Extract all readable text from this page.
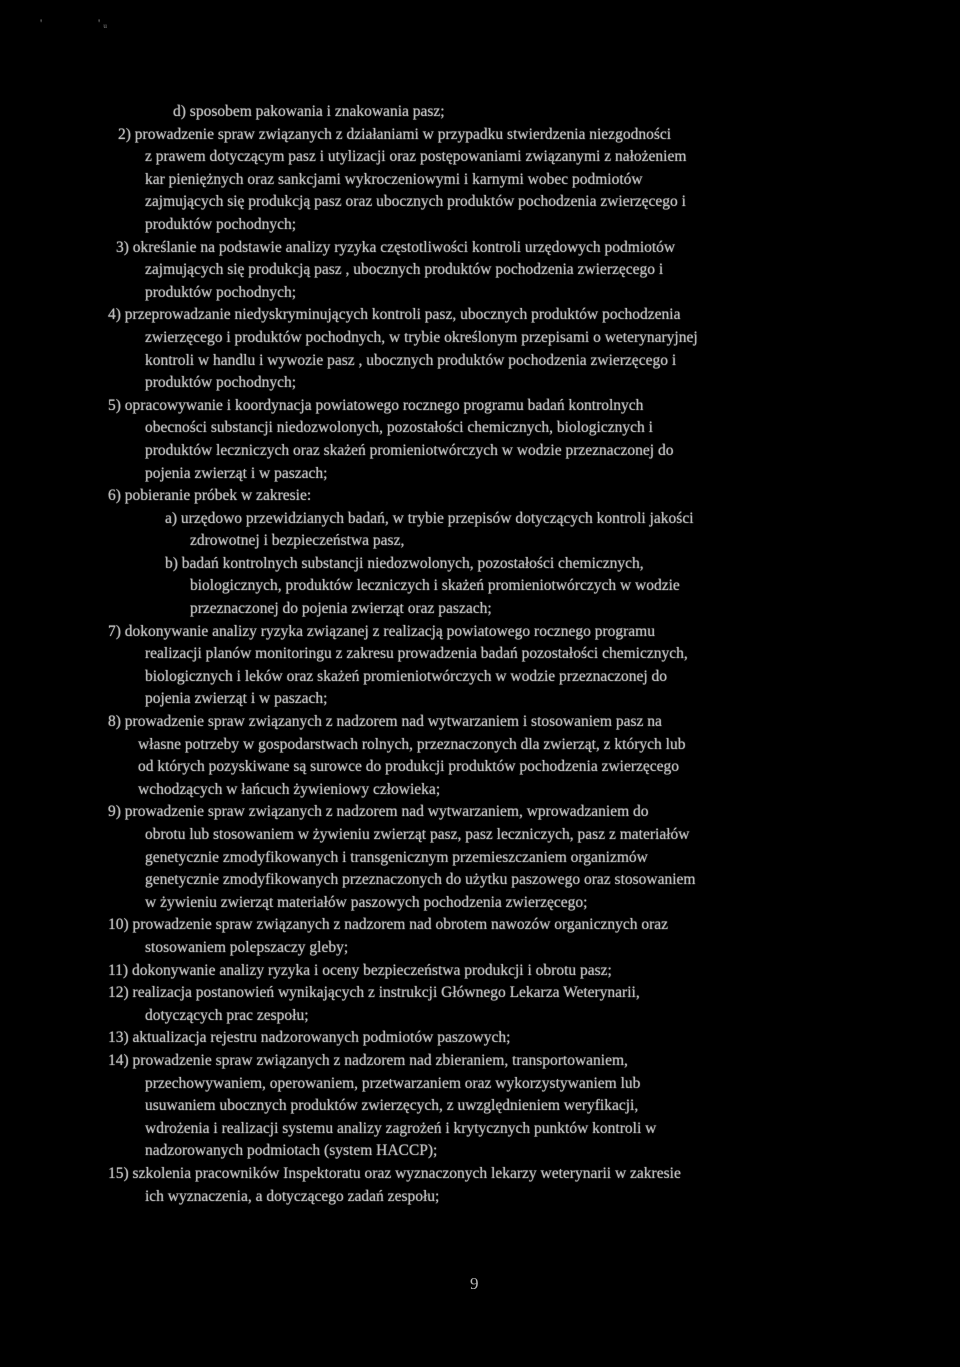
'	' ᵤ
d) sposobem pakowania i znakowania pasz;
2) prowadzenie spraw związanych z działaniami w przypadku stwierdzenia niezgodności
z prawem dotyczącym pasz i utylizacji oraz postępowaniami związanymi z nałożeniem
kar pieniężnych oraz sankcjami wykroczeniowymi i karnymi wobec podmiotów
zajmujących się produkcją pasz oraz ubocznych produktów pochodzenia zwierzęcego i
produktów pochodnych;
3) określanie na podstawie analizy ryzyka częstotliwości kontroli urzędowych podmiotów
zajmujących się produkcją pasz , ubocznych produktów pochodzenia zwierzęcego i
produktów pochodnych;
4) przeprowadzanie niedyskryminujących kontroli pasz, ubocznych produktów pochodzenia
zwierzęcego i produktów pochodnych, w trybie określonym przepisami o weterynaryjnej
kontroli w handlu i wywozie pasz , ubocznych produktów pochodzenia zwierzęcego i
produktów pochodnych;
5) opracowywanie i koordynacja powiatowego rocznego programu badań kontrolnych
obecności substancji niedozwolonych, pozostałości chemicznych, biologicznych i
produktów leczniczych oraz skażeń promieniotwórczych w wodzie przeznaczonej do
pojenia zwierząt i w paszach;
6) pobieranie próbek w zakresie:
a) urzędowo przewidzianych badań, w trybie przepisów dotyczących kontroli jakości
zdrowotnej i bezpieczeństwa pasz,
b) badań kontrolnych substancji niedozwolonych, pozostałości chemicznych,
biologicznych, produktów leczniczych i skażeń promieniotwórczych w wodzie
przeznaczonej do pojenia zwierząt oraz paszach;
7) dokonywanie analizy ryzyka związanej z realizacją powiatowego rocznego programu
realizacji planów monitoringu z zakresu prowadzenia badań pozostałości chemicznych,
biologicznych i leków oraz skażeń promieniotwórczych w wodzie przeznaczonej do
pojenia zwierząt i w paszach;
8) prowadzenie spraw związanych z nadzorem nad wytwarzaniem i stosowaniem pasz na
własne potrzeby w gospodarstwach rolnych, przeznaczonych dla zwierząt, z których lub
od których pozyskiwane są surowce do produkcji produktów pochodzenia zwierzęcego
wchodzących w łańcuch żywieniowy człowieka;
9) prowadzenie spraw związanych z nadzorem nad wytwarzaniem, wprowadzaniem do
obrotu lub stosowaniem w żywieniu zwierząt pasz, pasz leczniczych, pasz z materiałów
genetycznie zmodyfikowanych i transgenicznym przemieszczaniem organizmów
genetycznie zmodyfikowanych przeznaczonych do użytku paszowego oraz stosowaniem
w żywieniu zwierząt materiałów paszowych pochodzenia zwierzęcego;
10) prowadzenie spraw związanych z nadzorem nad obrotem nawozów organicznych oraz
stosowaniem polepszaczy gleby;
11) dokonywanie analizy ryzyka i oceny bezpieczeństwa produkcji i obrotu pasz;
12) realizacja postanowień wynikających z instrukcji Głównego Lekarza Weterynarii,
dotyczących prac zespołu;
13) aktualizacja rejestru nadzorowanych podmiotów paszowych;
14) prowadzenie spraw związanych z nadzorem nad zbieraniem, transportowaniem,
przechowywaniem, operowaniem, przetwarzaniem oraz wykorzystywaniem lub
usuwaniem ubocznych produktów zwierzęcych, z uwzględnieniem weryfikacji,
wdrożenia i realizacji systemu analizy zagrożeń i krytycznych punktów kontroli w
nadzorowanych podmiotach (system HACCP);
15) szkolenia pracowników Inspektoratu oraz wyznaczonych lekarzy weterynarii w zakresie
ich wyznaczenia, a dotyczącego zadań zespołu;
9
